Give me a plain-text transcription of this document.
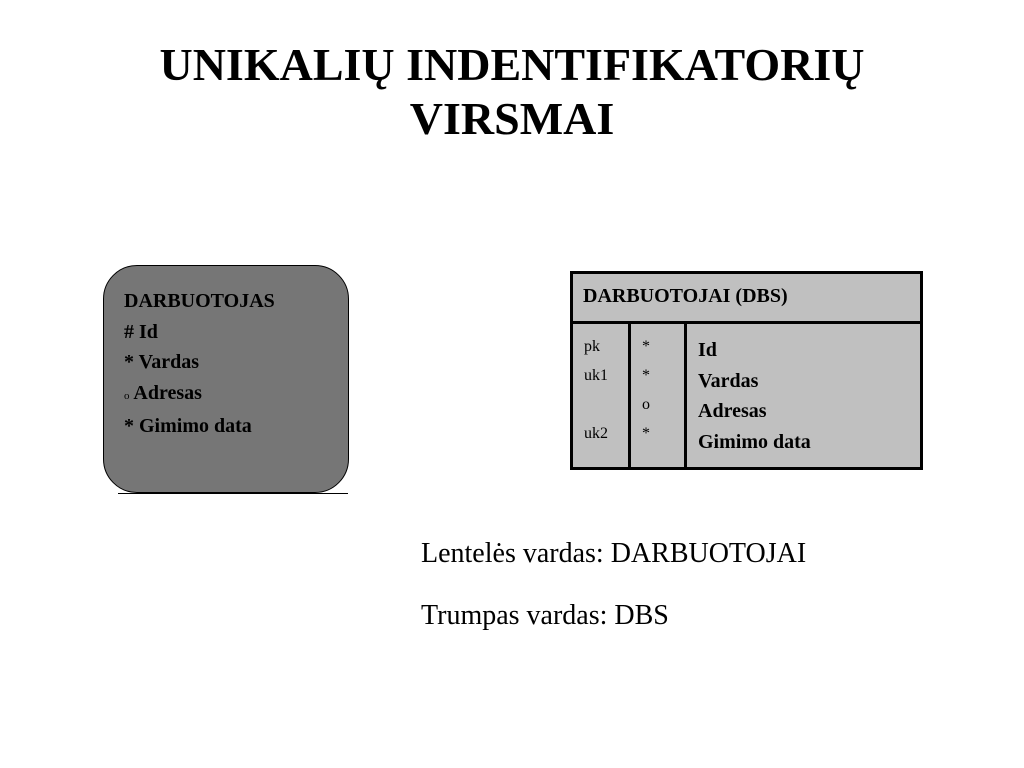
UNIKALIŲ INDENTIFIKATORIŲ
VIRSMAI
DARBUOTOJAS
# Id
* Vardas
o Adresas
* Gimimo data
DARBUOTOJAI (DBS)
pk
uk1
uk2
*
*
o
*
Id
Vardas
Adresas
Gimimo data
Lentelės vardas: DARBUOTOJAI
Trumpas vardas: DBS
